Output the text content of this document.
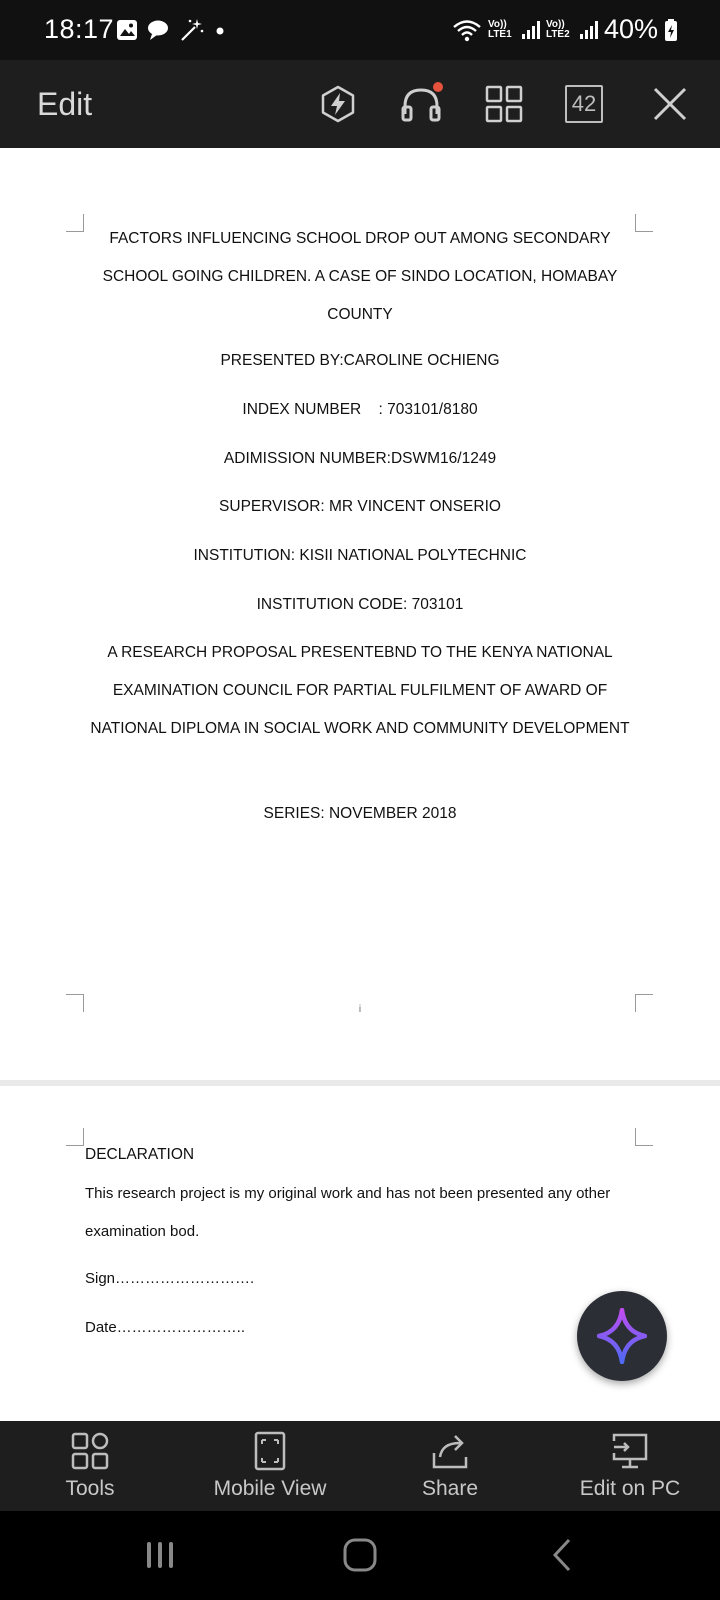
18:17	Vo)) LTE1
Vo)) LTE2 40%
Edit	42
FACTORS INFLUENCING SCHOOL DROP OUT AMONG SECONDARY SCHOOL GOING CHILDREN. A CASE OF SINDO LOCATION, HOMABAY COUNTY
PRESENTED BY:CAROLINE OCHIENG
INDEX NUMBER    : 703101/8180
ADIMISSION NUMBER:DSWM16/1249
SUPERVISOR: MR VINCENT ONSERIO
INSTITUTION: KISII NATIONAL POLYTECHNIC
INSTITUTION CODE: 703101
A RESEARCH PROPOSAL PRESENTEBND TO THE KENYA NATIONAL EXAMINATION COUNCIL FOR PARTIAL FULFILMENT OF AWARD OF NATIONAL DIPLOMA IN SOCIAL WORK AND COMMUNITY DEVELOPMENT
SERIES: NOVEMBER 2018
i
DECLARATION
This research project is my original work and has not been presented any other examination bod.
Sign……………………….
Date……………………..
Tools	Mobile View	Share	Edit on PC
